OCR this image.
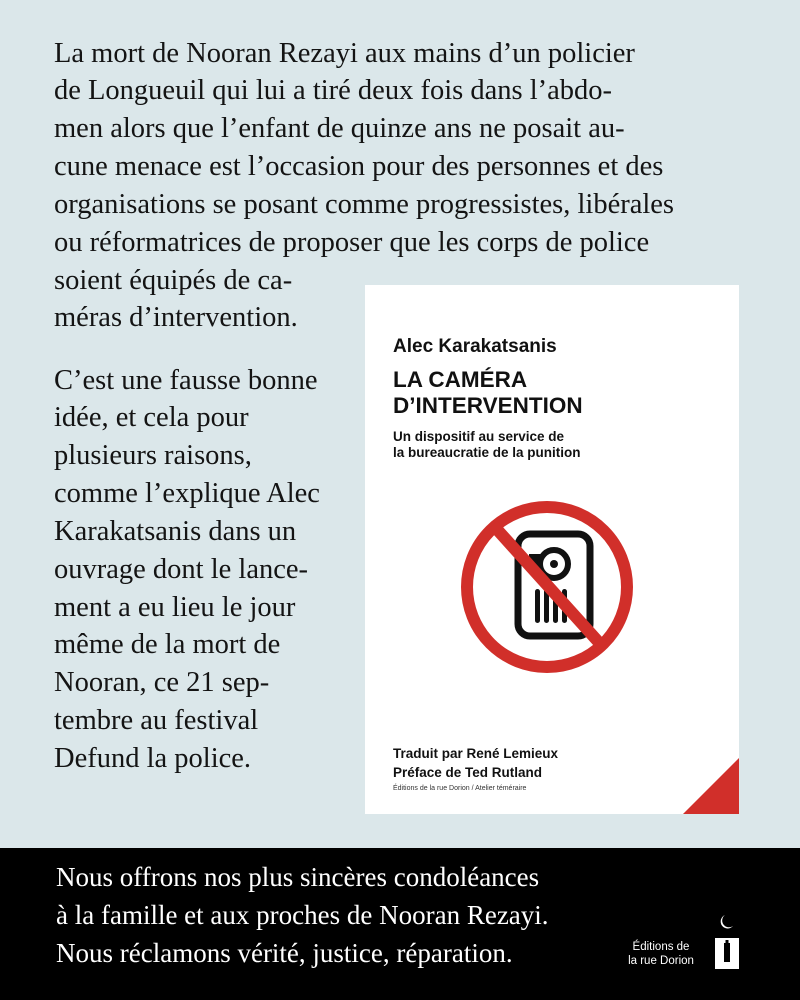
La mort de Nooran Rezayi aux mains d’un policier
de Longueuil qui lui a tiré deux fois dans l’abdo-
men alors que l’enfant de quinze ans ne posait au-
cune menace est l’occasion pour des personnes et des
organisations se posant comme progressistes, libérales
ou réformatrices de proposer que les corps de police
soient équipés de ca-
méras d’intervention.
C’est une fausse bonne
idée, et cela pour
plusieurs raisons,
comme l’explique Alec
Karakatsanis dans un
ouvrage dont le lance-
ment a eu lieu le jour
même de la mort de
Nooran, ce 21 sep-
tembre au festival
Defund la police.
Alec Karakatsanis
LA CAMÉRA
D’INTERVENTION
Un dispositif au service de
la bureaucratie de la punition
Traduit par René Lemieux
Préface de Ted Rutland
Éditions de la rue Dorion / Atelier téméraire
Nous offrons nos plus sincères condoléances
à la famille et aux proches de Nooran Rezayi.
Nous réclamons vérité, justice, réparation.	Éditions de
la rue Dorion
